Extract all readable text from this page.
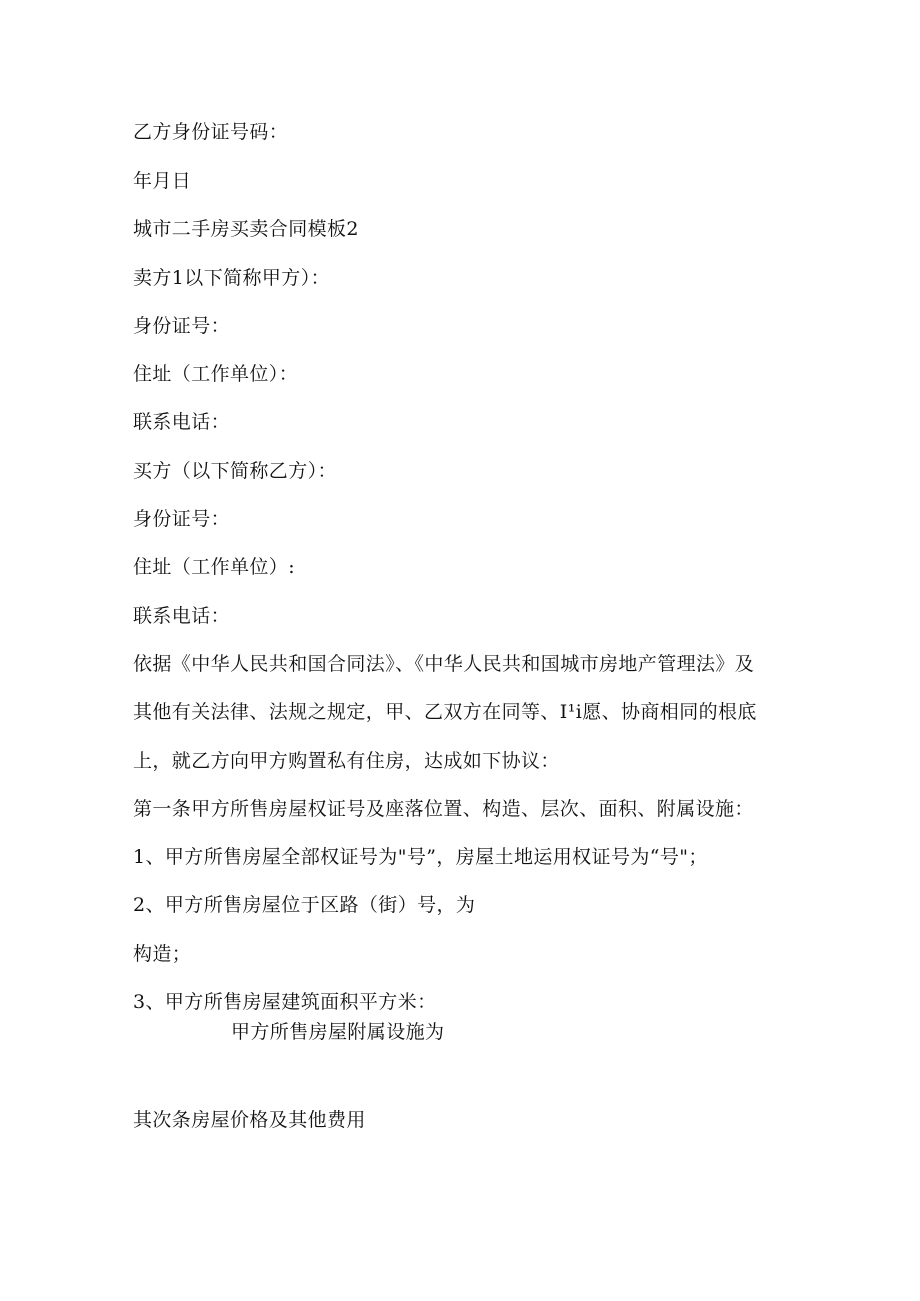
乙方身份证号码：
年月日
城市二手房买卖合同模板2
卖方1以下简称甲方）：
身份证号：
住址（工作单位）：
联系电话：
买方（以下简称乙方）：
身份证号：
住址（工作单位）:
联系电话：
依据《中华人民共和国合同法》、《中华人民共和国城市房地产管理法》及
其他有关法律、法规之规定，甲、乙双方在同等、I¹i愿、协商相同的根底
上，就乙方向甲方购置私有住房，达成如下协议：
第一条甲方所售房屋权证号及座落位置、构造、层次、面积、附属设施：
1、甲方所售房屋全部权证号为"号”，房屋土地运用权证号为“号"；
2、甲方所售房屋位于区路（街）号，为
构造；
3、甲方所售房屋建筑面积平方米：
甲方所售房屋附属设施为
其次条房屋价格及其他费用
